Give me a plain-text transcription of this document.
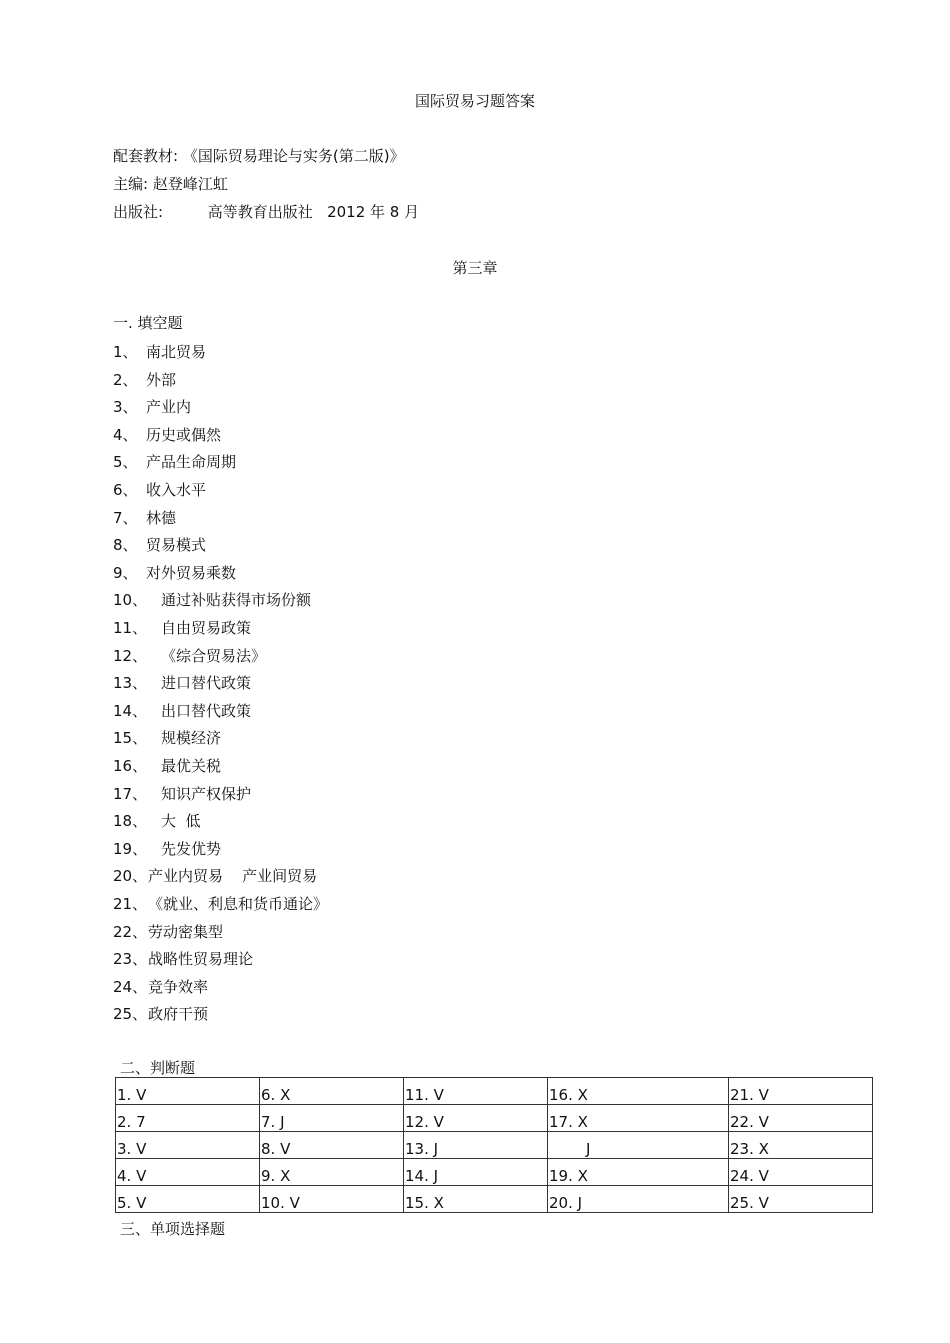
国际贸易习题答案
配套教材: 《国际贸易理论与实务(第二版)》
主编: 赵登峰江虹
出版社:	高等教育出版社   2012 年 8 月
第三章
一. 填空题
1、 南北贸易
2、 外部
3、 产业内
4、 历史或偶然
5、 产品生命周期
6、 收入水平
7、 林德
8、 贸易模式
9、 对外贸易乘数
10、 通过补贴获得市场份额
11、 自由贸易政策
12、 《综合贸易法》
13、 进口替代政策
14、 出口替代政策
15、 规模经济
16、 最优关税
17、 知识产权保护
18、 大  低
19、 先发优势
20、产业内贸易    产业间贸易
21、《就业、利息和货币通论》
22、劳动密集型
23、战略性贸易理论
24、竞争效率
25、政府干预
二、判断题
1. V	6. X	11. V	16. X	21. V
2. 7	7. J	12. V	17. X	22. V
3. V	8. V	13. J	J	23. X
4. V	9. X	14. J	19. X	24. V
5. V	10. V	15. X	20. J	25. V
三、单项选择题
